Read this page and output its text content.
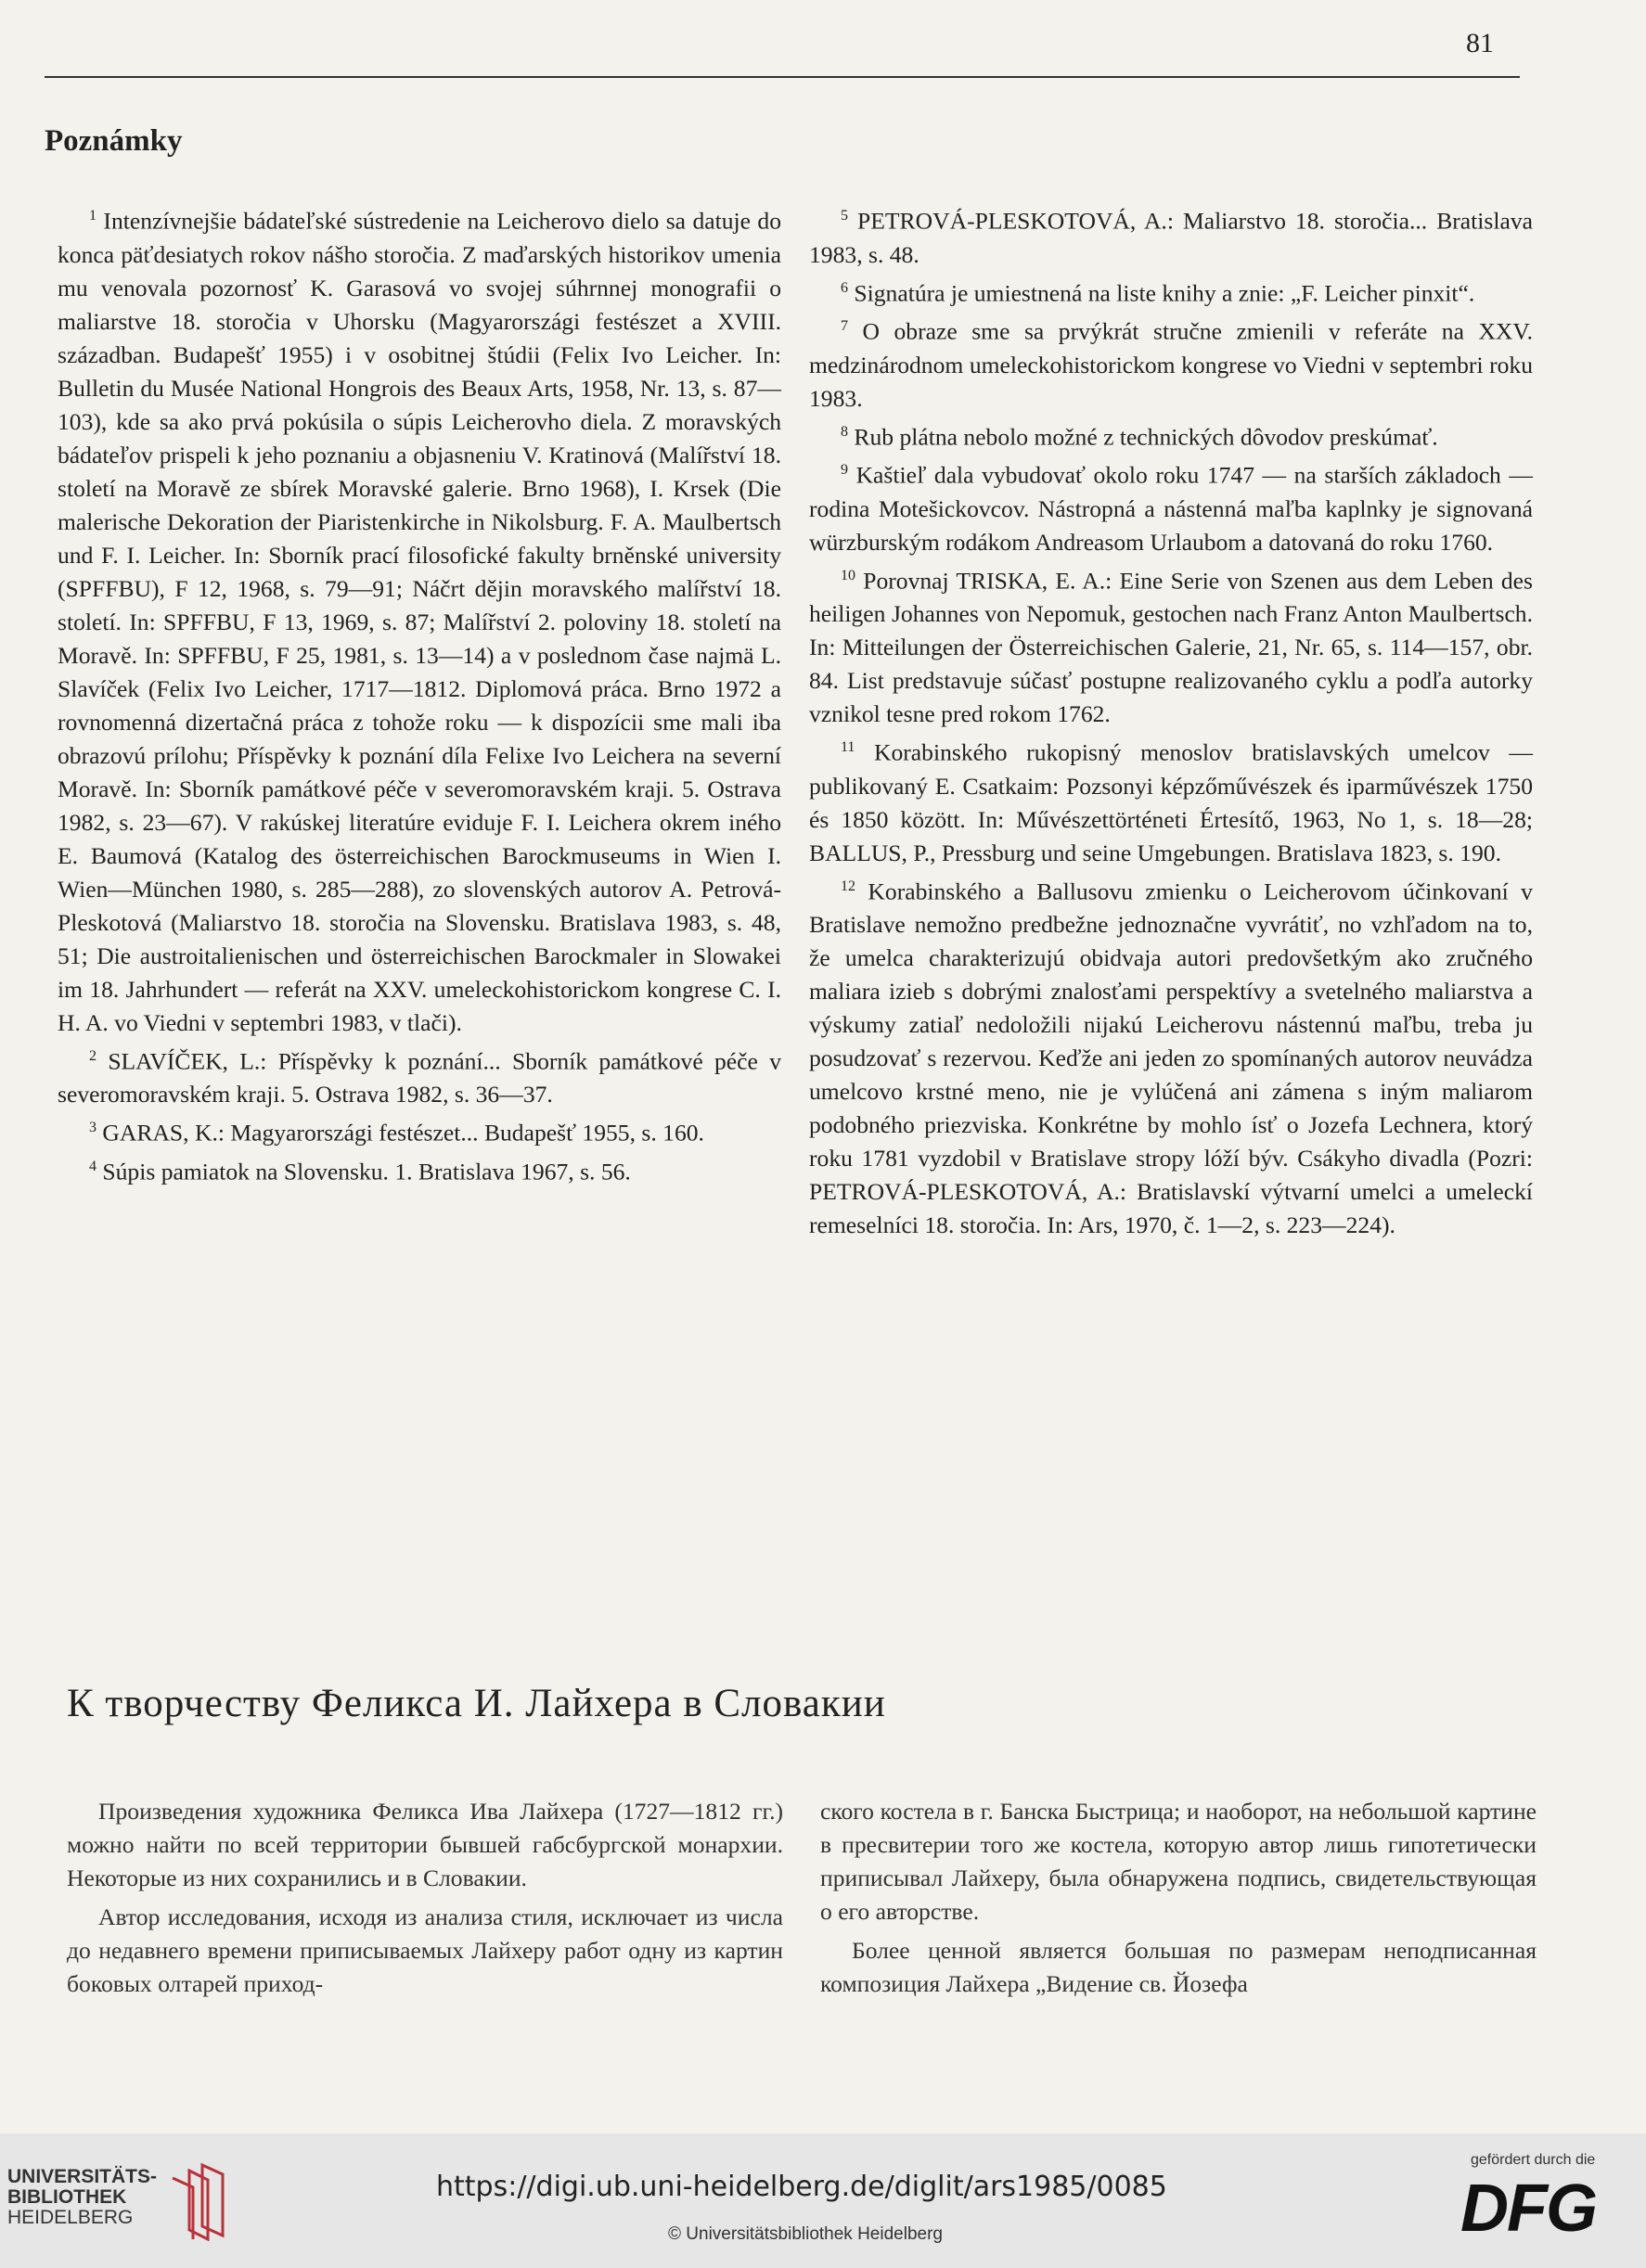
81
Poznámky

$^1$ Intenzívnejšie bádateľské sústredenie na Leicherovo dielo sa datuje do konca päťdesiatych rokov nášho storočia. Z maďarských historikov umenia mu venovala pozornosť K. Garasová vo svojej súhrnnej monografii o maliarstve 18. storočia v Uhorsku (Magyarországi festészet a XVIII. században. Budapešť 1955) i v osobitnej štúdii (Felix Ivo Leicher. In: Bulletin du Musée National Hongrois des Beaux Arts, 1958, Nr. 13, s. 87—103), kde sa ako prvá pokúsila o súpis Leicherovho diela. Z moravských bádateľov prispeli k jeho poznaniu a objasneniu V. Kratinová (Malířství 18. století na Moravě ze sbírek Moravské galerie. Brno 1968), I. Krsek (Die malerische Dekoration der Piaristenkirche in Nikolsburg. F. A. Maulbertsch und F. I. Leicher. In: Sborník prací filosofické fakulty brněnské university (SPFFBU), F 12, 1968, s. 79—91; Náčrt dějin moravského malířství 18. století. In: SPFFBU, F 13, 1969, s. 87; Malířství 2. poloviny 18. století na Moravě. In: SPFFBU, F 25, 1981, s. 13—14) a v poslednom čase najmä L. Slavíček (Felix Ivo Leicher, 1717—1812. Diplomová práca. Brno 1972 a rovnomenná dizertačná práca z tohože roku — k dispozícii sme mali iba obrazovú prílohu; Příspěvky k poznání díla Felixe Ivo Leichera na severní Moravě. In: Sborník památkové péče v severomoravském kraji. 5. Ostrava 1982, s. 23—67). V rakúskej literatúre eviduje F. I. Leichera okrem iného E. Baumová (Katalog des österreichischen Barockmuseums in Wien I. Wien—München 1980, s. 285—288), zo slovenských autorov A. Petrová-Pleskotová (Maliarstvo 18. storočia na Slovensku. Bratislava 1983, s. 48, 51; Die austroitalienischen und österreichischen Barockmaler in Slowakei im 18. Jahrhundert — referát na XXV. umeleckohistorickom kongrese C. I. H. A. vo Viedni v septembri 1983, v tlači).

$^2$ SLAVÍČEK, L.: Příspěvky k poznání... Sborník památkové péče v severomoravském kraji. 5. Ostrava 1982, s. 36—37.

$^3$ GARAS, K.: Magyarországi festészet... Budapešť 1955, s. 160.

$^4$ Súpis pamiatok na Slovensku. 1. Bratislava 1967, s. 56.

$^5$ PETROVÁ-PLESKOTOVÁ, A.: Maliarstvo 18. storočia... Bratislava 1983, s. 48.

$^6$ Signatúra je umiestnená na liste knihy a znie: „F. Leicher pinxit“.

$^7$ O obraze sme sa prvýkrát stručne zmienili v referáte na XXV. medzinárodnom umeleckohistorickom kongrese vo Viedni v septembri roku 1983.

$^8$ Rub plátna nebolo možné z technických dôvodov preskúmať.

$^9$ Kaštieľ dala vybudovať okolo roku 1747 — na starších základoch — rodina Motešickovcov. Nástropná a nástenná maľba kaplnky je signovaná würzburským rodákom Andreasom Urlaubom a datovaná do roku 1760.

$^{10}$ Porovnaj TRISKA, E. A.: Eine Serie von Szenen aus dem Leben des heiligen Johannes von Nepomuk, gestochen nach Franz Anton Maulbertsch. In: Mitteilungen der Österreichischen Galerie, 21, Nr. 65, s. 114—157, obr. 84. List predstavuje súčasť postupne realizovaného cyklu a podľa autorky vznikol tesne pred rokom 1762.

$^{11}$ Korabinského rukopisný menoslov bratislavských umelcov — publikovaný E. Csatkaim: Pozsonyi képzőművészek és iparművészek 1750 és 1850 között. In: Művészettörténeti Értesítő, 1963, No 1, s. 18—28; BALLUS, P., Pressburg und seine Umgebungen. Bratislava 1823, s. 190.

$^{12}$ Korabinského a Ballusovu zmienku o Leicherovom účinkovaní v Bratislave nemožno predbežne jednoznačne vyvrátiť, no vzhľadom na to, že umelca charakterizujú obidvaja autori predovšetkým ako zručného maliara izieb s dobrými znalosťami perspektívy a svetelného maliarstva a výskumy zatiaľ nedoložili nijakú Leicherovu nástennú maľbu, treba ju posudzovať s rezervou. Keďže ani jeden zo spomínaných autorov neuvádza umelcovo krstné meno, nie je vylúčená ani zámena s iným maliarom podobného priezviska. Konkrétne by mohlo ísť o Jozefa Lechnera, ktorý roku 1781 vyzdobil v Bratislave stropy lóží býv. Csákyho divadla (Pozri: PETROVÁ-PLESKOTOVÁ, A.: Bratislavskí výtvarní umelci a umeleckí remeselníci 18. storočia. In: Ars, 1970, č. 1—2, s. 223—224).

К творчеству Феликса И. Лайхера в Словакии

Произведения художника Феликса Ива Лайхера (1727—1812 гг.) можно найти по всей территории бывшей габсбургской монархии. Некоторые из них сохранились и в Словакии.

Автор исследования, исходя из анализа стиля, исключает из числа до недавнего времени приписываемых Лайхеру работ одну из картин боковых олтарей приход-

ского костела в г. Банска Быстрица; и наоборот, на небольшой картине в пресвитерии того же костела, которую автор лишь гипотетически приписывал Лайхеру, была обнаружена подпись, свидетельствующая о его авторстве.

Более ценной является большая по размерам неподписанная композиция Лайхера „Видение св. Йозефа

UNIVERSITÄTS-
BIBLIOTHEK
HEIDELBERG
https://digi.ub.uni-heidelberg.de/diglit/ars1985/0085
© Universitätsbibliothek Heidelberg
gefördert durch die
DFG
